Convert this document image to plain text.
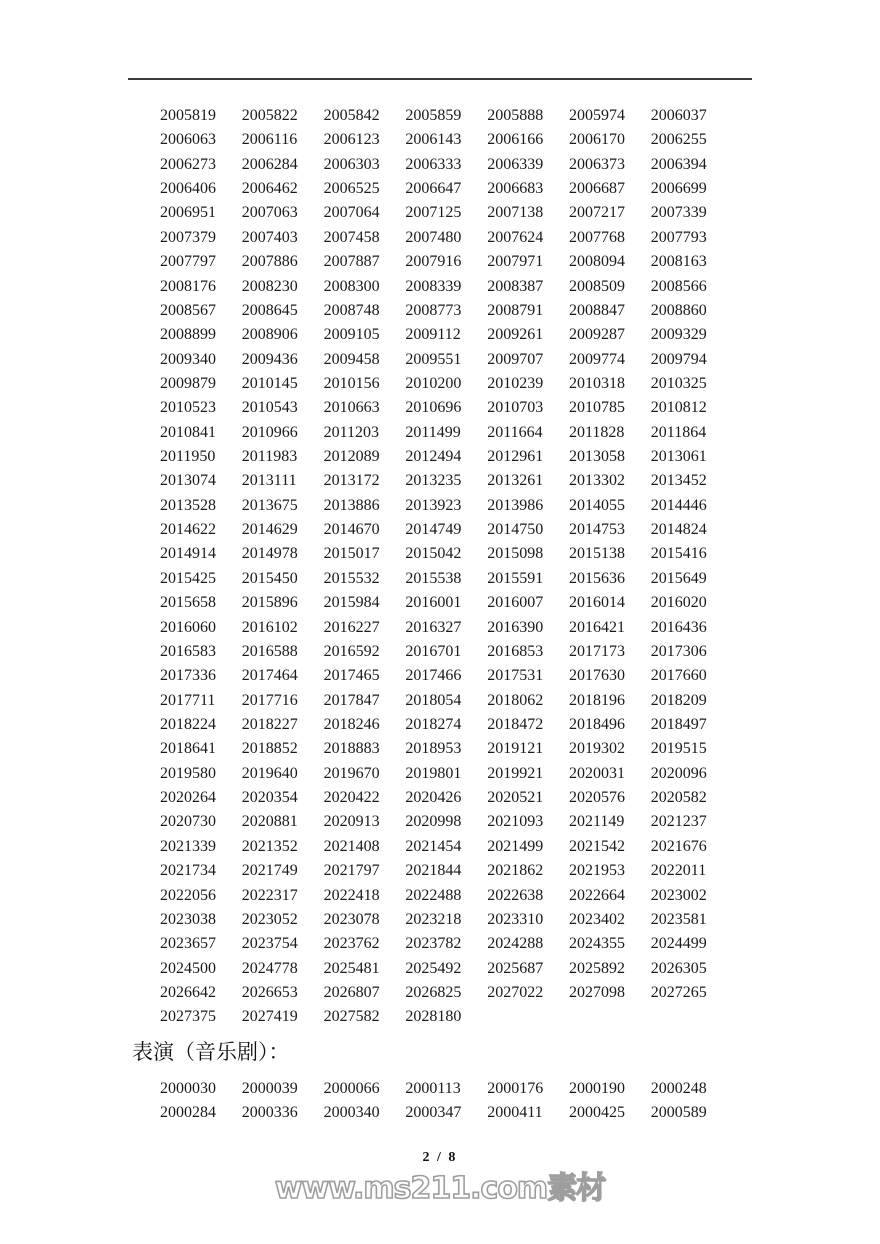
2005819	2005822	2005842	2005859	2005888	2005974	2006037
2006063	2006116	2006123	2006143	2006166	2006170	2006255
2006273	2006284	2006303	2006333	2006339	2006373	2006394
2006406	2006462	2006525	2006647	2006683	2006687	2006699
2006951	2007063	2007064	2007125	2007138	2007217	2007339
2007379	2007403	2007458	2007480	2007624	2007768	2007793
2007797	2007886	2007887	2007916	2007971	2008094	2008163
2008176	2008230	2008300	2008339	2008387	2008509	2008566
2008567	2008645	2008748	2008773	2008791	2008847	2008860
2008899	2008906	2009105	2009112	2009261	2009287	2009329
2009340	2009436	2009458	2009551	2009707	2009774	2009794
2009879	2010145	2010156	2010200	2010239	2010318	2010325
2010523	2010543	2010663	2010696	2010703	2010785	2010812
2010841	2010966	2011203	2011499	2011664	2011828	2011864
2011950	2011983	2012089	2012494	2012961	2013058	2013061
2013074	2013111	2013172	2013235	2013261	2013302	2013452
2013528	2013675	2013886	2013923	2013986	2014055	2014446
2014622	2014629	2014670	2014749	2014750	2014753	2014824
2014914	2014978	2015017	2015042	2015098	2015138	2015416
2015425	2015450	2015532	2015538	2015591	2015636	2015649
2015658	2015896	2015984	2016001	2016007	2016014	2016020
2016060	2016102	2016227	2016327	2016390	2016421	2016436
2016583	2016588	2016592	2016701	2016853	2017173	2017306
2017336	2017464	2017465	2017466	2017531	2017630	2017660
2017711	2017716	2017847	2018054	2018062	2018196	2018209
2018224	2018227	2018246	2018274	2018472	2018496	2018497
2018641	2018852	2018883	2018953	2019121	2019302	2019515
2019580	2019640	2019670	2019801	2019921	2020031	2020096
2020264	2020354	2020422	2020426	2020521	2020576	2020582
2020730	2020881	2020913	2020998	2021093	2021149	2021237
2021339	2021352	2021408	2021454	2021499	2021542	2021676
2021734	2021749	2021797	2021844	2021862	2021953	2022011
2022056	2022317	2022418	2022488	2022638	2022664	2023002
2023038	2023052	2023078	2023218	2023310	2023402	2023581
2023657	2023754	2023762	2023782	2024288	2024355	2024499
2024500	2024778	2025481	2025492	2025687	2025892	2026305
2026642	2026653	2026807	2026825	2027022	2027098	2027265
2027375	2027419	2027582	2028180
表演（音乐剧）：
2000030	2000039	2000066	2000113	2000176	2000190	2000248
2000284	2000336	2000340	2000347	2000411	2000425	2000589
2 / 8
www.ms211.com素材
